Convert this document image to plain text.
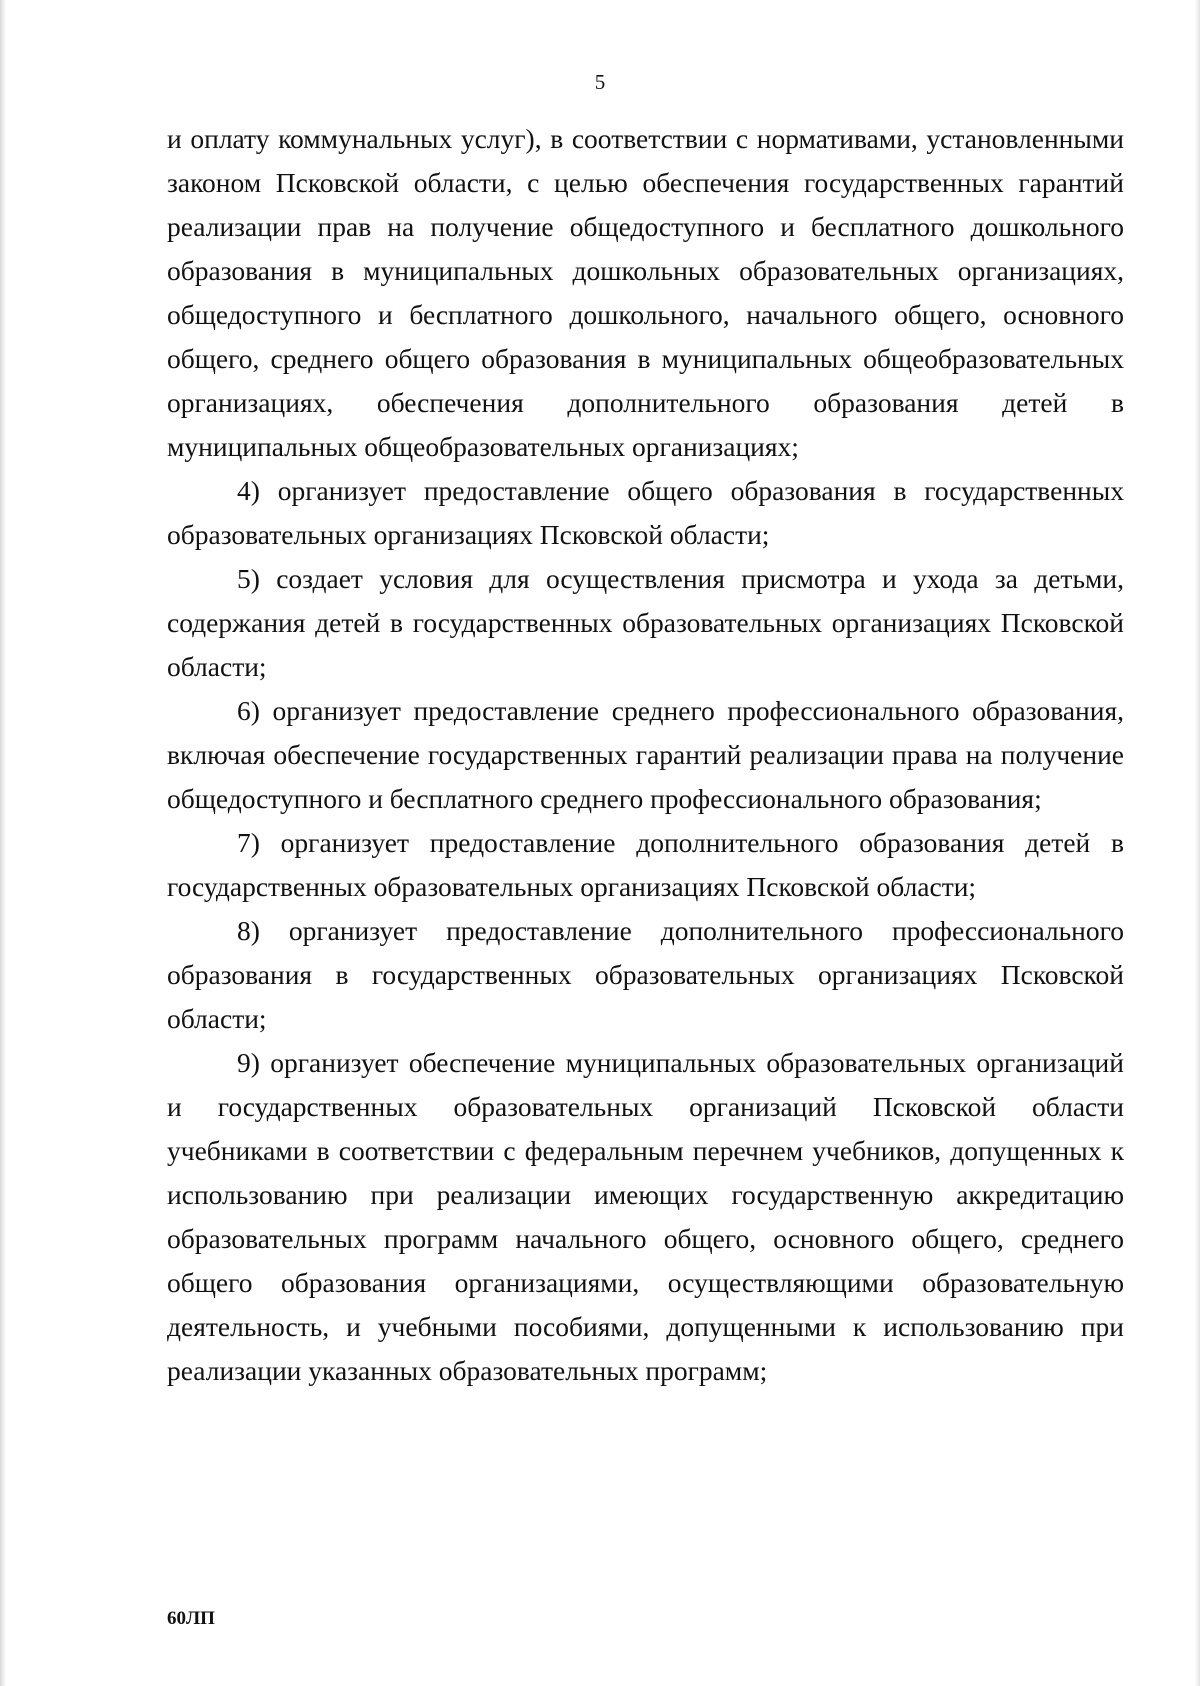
5

и оплату коммунальных услуг), в соответствии с нормативами, установленными законом Псковской области, с целью обеспечения государственных гарантий реализации прав на получение общедоступного и бесплатного дошкольного образования в муниципальных дошкольных образовательных организациях, общедоступного и бесплатного дошкольного, начального общего, основного общего, среднего общего образования в муниципальных общеобразовательных организациях, обеспечения дополнительного образования детей в муниципальных общеобразовательных организациях;

4) организует предоставление общего образования в государственных образовательных организациях Псковской области;

5) создает условия для осуществления присмотра и ухода за детьми, содержания детей в государственных образовательных организациях Псковской области;

6) организует предоставление среднего профессионального образования, включая обеспечение государственных гарантий реализации права на получение общедоступного и бесплатного среднего профессионального образования;

7) организует предоставление дополнительного образования детей в государственных образовательных организациях Псковской области;

8) организует предоставление дополнительного профессионального образования в государственных образовательных организациях Псковской области;

9) организует обеспечение муниципальных образовательных организаций и государственных образовательных организаций Псковской области учебниками в соответствии с федеральным перечнем учебников, допущенных к использованию при реализации имеющих государственную аккредитацию образовательных программ начального общего, основного общего, среднего общего образования организациями, осуществляющими образовательную деятельность, и учебными пособиями, допущенными к использованию при реализации указанных образовательных программ;

60ЛП
